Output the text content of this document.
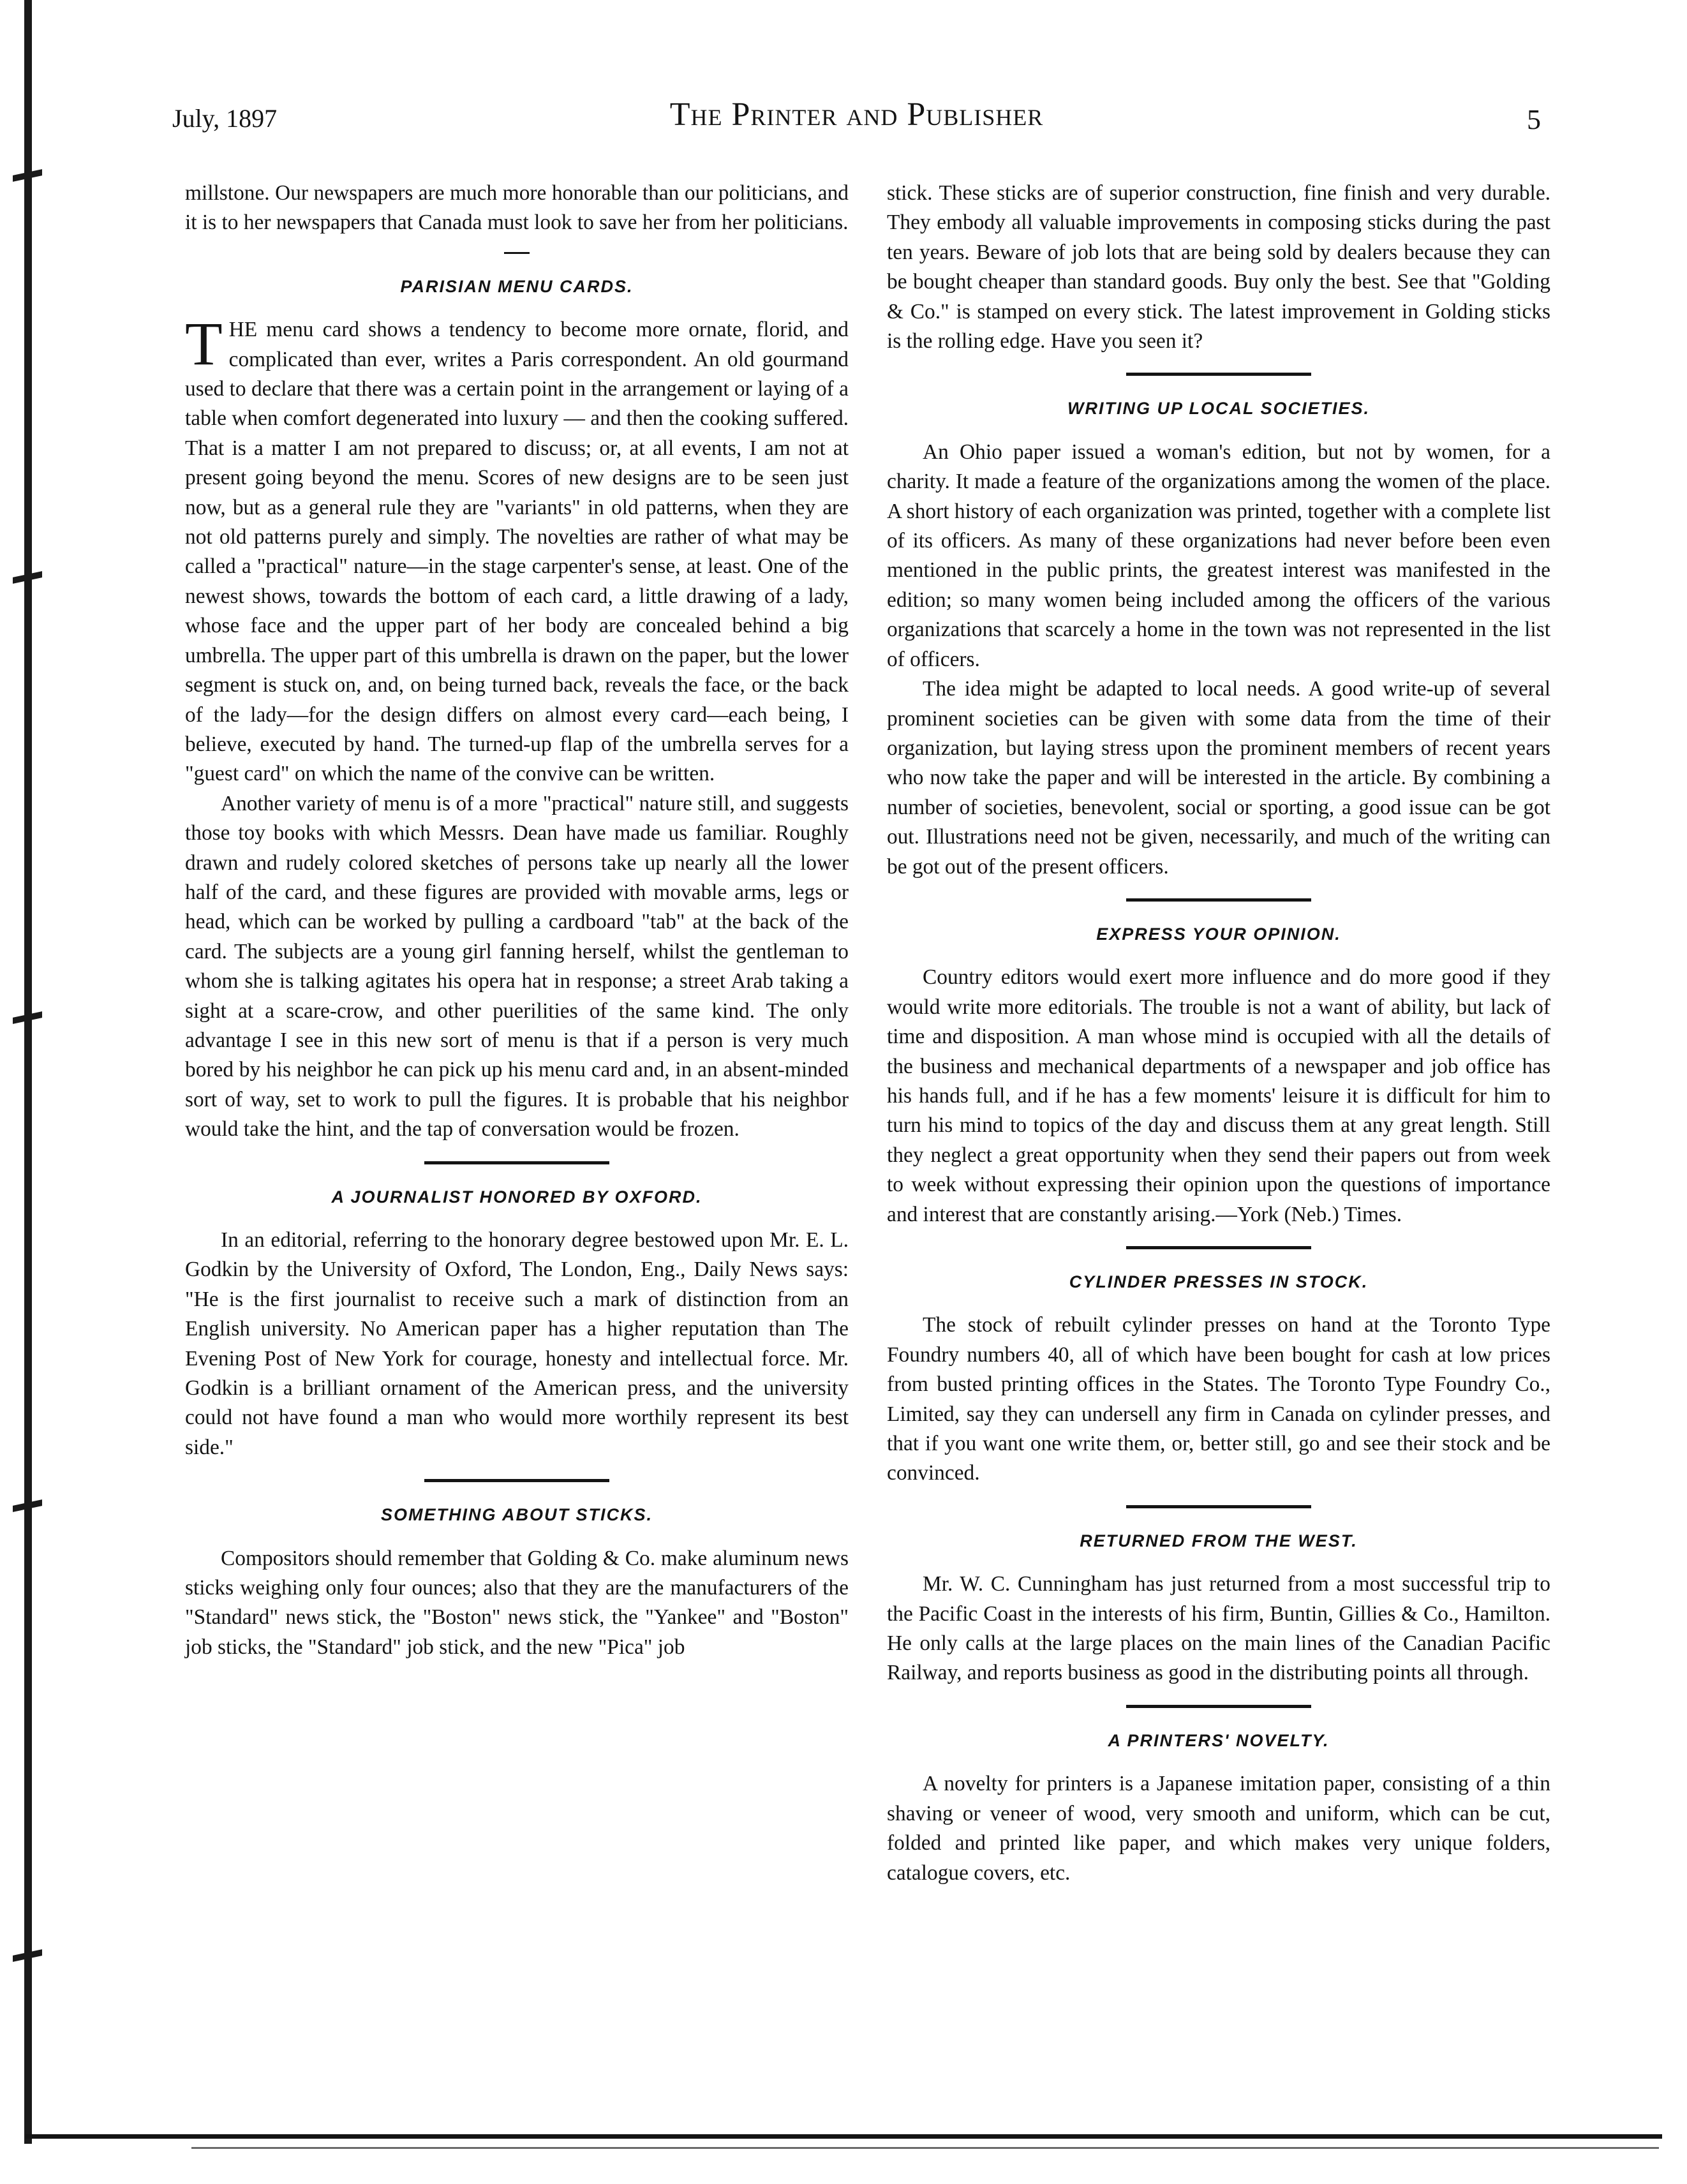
July, 1897	The Printer and Publisher	5

millstone. Our newspapers are much more honorable than our politicians, and it is to her newspapers that Canada must look to save her from her politicians.

PARISIAN MENU CARDS.

THE menu card shows a tendency to become more ornate, florid, and complicated than ever, writes a Paris correspondent. An old gourmand used to declare that there was a certain point in the arrangement or laying of a table when comfort degenerated into luxury — and then the cooking suffered. That is a matter I am not prepared to discuss; or, at all events, I am not at present going beyond the menu. Scores of new designs are to be seen just now, but as a general rule they are "variants" in old patterns, when they are not old patterns purely and simply. The novelties are rather of what may be called a "practical" nature—in the stage carpenter's sense, at least. One of the newest shows, towards the bottom of each card, a little drawing of a lady, whose face and the upper part of her body are concealed behind a big umbrella. The upper part of this umbrella is drawn on the paper, but the lower segment is stuck on, and, on being turned back, reveals the face, or the back of the lady—for the design differs on almost every card—each being, I believe, executed by hand. The turned-up flap of the umbrella serves for a "guest card" on which the name of the convive can be written.

Another variety of menu is of a more "practical" nature still, and suggests those toy books with which Messrs. Dean have made us familiar. Roughly drawn and rudely colored sketches of persons take up nearly all the lower half of the card, and these figures are provided with movable arms, legs or head, which can be worked by pulling a cardboard "tab" at the back of the card. The subjects are a young girl fanning herself, whilst the gentleman to whom she is talking agitates his opera hat in response; a street Arab taking a sight at a scare-crow, and other puerilities of the same kind. The only advantage I see in this new sort of menu is that if a person is very much bored by his neighbor he can pick up his menu card and, in an absent-minded sort of way, set to work to pull the figures. It is probable that his neighbor would take the hint, and the tap of conversation would be frozen.

A JOURNALIST HONORED BY OXFORD.

In an editorial, referring to the honorary degree bestowed upon Mr. E. L. Godkin by the University of Oxford, The London, Eng., Daily News says: "He is the first journalist to receive such a mark of distinction from an English university. No American paper has a higher reputation than The Evening Post of New York for courage, honesty and intellectual force. Mr. Godkin is a brilliant ornament of the American press, and the university could not have found a man who would more worthily represent its best side."

SOMETHING ABOUT STICKS.

Compositors should remember that Golding & Co. make aluminum news sticks weighing only four ounces; also that they are the manufacturers of the "Standard" news stick, the "Boston" news stick, the "Yankee" and "Boston" job sticks, the "Standard" job stick, and the new "Pica" job

stick. These sticks are of superior construction, fine finish and very durable. They embody all valuable improvements in composing sticks during the past ten years. Beware of job lots that are being sold by dealers because they can be bought cheaper than standard goods. Buy only the best. See that "Golding & Co." is stamped on every stick. The latest improvement in Golding sticks is the rolling edge. Have you seen it?

WRITING UP LOCAL SOCIETIES.

An Ohio paper issued a woman's edition, but not by women, for a charity. It made a feature of the organizations among the women of the place. A short history of each organization was printed, together with a complete list of its officers. As many of these organizations had never before been even mentioned in the public prints, the greatest interest was manifested in the edition; so many women being included among the officers of the various organizations that scarcely a home in the town was not represented in the list of officers.

The idea might be adapted to local needs. A good write-up of several prominent societies can be given with some data from the time of their organization, but laying stress upon the prominent members of recent years who now take the paper and will be interested in the article. By combining a number of societies, benevolent, social or sporting, a good issue can be got out. Illustrations need not be given, necessarily, and much of the writing can be got out of the present officers.

EXPRESS YOUR OPINION.

Country editors would exert more influence and do more good if they would write more editorials. The trouble is not a want of ability, but lack of time and disposition. A man whose mind is occupied with all the details of the business and mechanical departments of a newspaper and job office has his hands full, and if he has a few moments' leisure it is difficult for him to turn his mind to topics of the day and discuss them at any great length. Still they neglect a great opportunity when they send their papers out from week to week without expressing their opinion upon the questions of importance and interest that are constantly arising.—York (Neb.) Times.

CYLINDER PRESSES IN STOCK.

The stock of rebuilt cylinder presses on hand at the Toronto Type Foundry numbers 40, all of which have been bought for cash at low prices from busted printing offices in the States. The Toronto Type Foundry Co., Limited, say they can undersell any firm in Canada on cylinder presses, and that if you want one write them, or, better still, go and see their stock and be convinced.

RETURNED FROM THE WEST.

Mr. W. C. Cunningham has just returned from a most successful trip to the Pacific Coast in the interests of his firm, Buntin, Gillies & Co., Hamilton. He only calls at the large places on the main lines of the Canadian Pacific Railway, and reports business as good in the distributing points all through.

A PRINTERS' NOVELTY.

A novelty for printers is a Japanese imitation paper, consisting of a thin shaving or veneer of wood, very smooth and uniform, which can be cut, folded and printed like paper, and which makes very unique folders, catalogue covers, etc.
